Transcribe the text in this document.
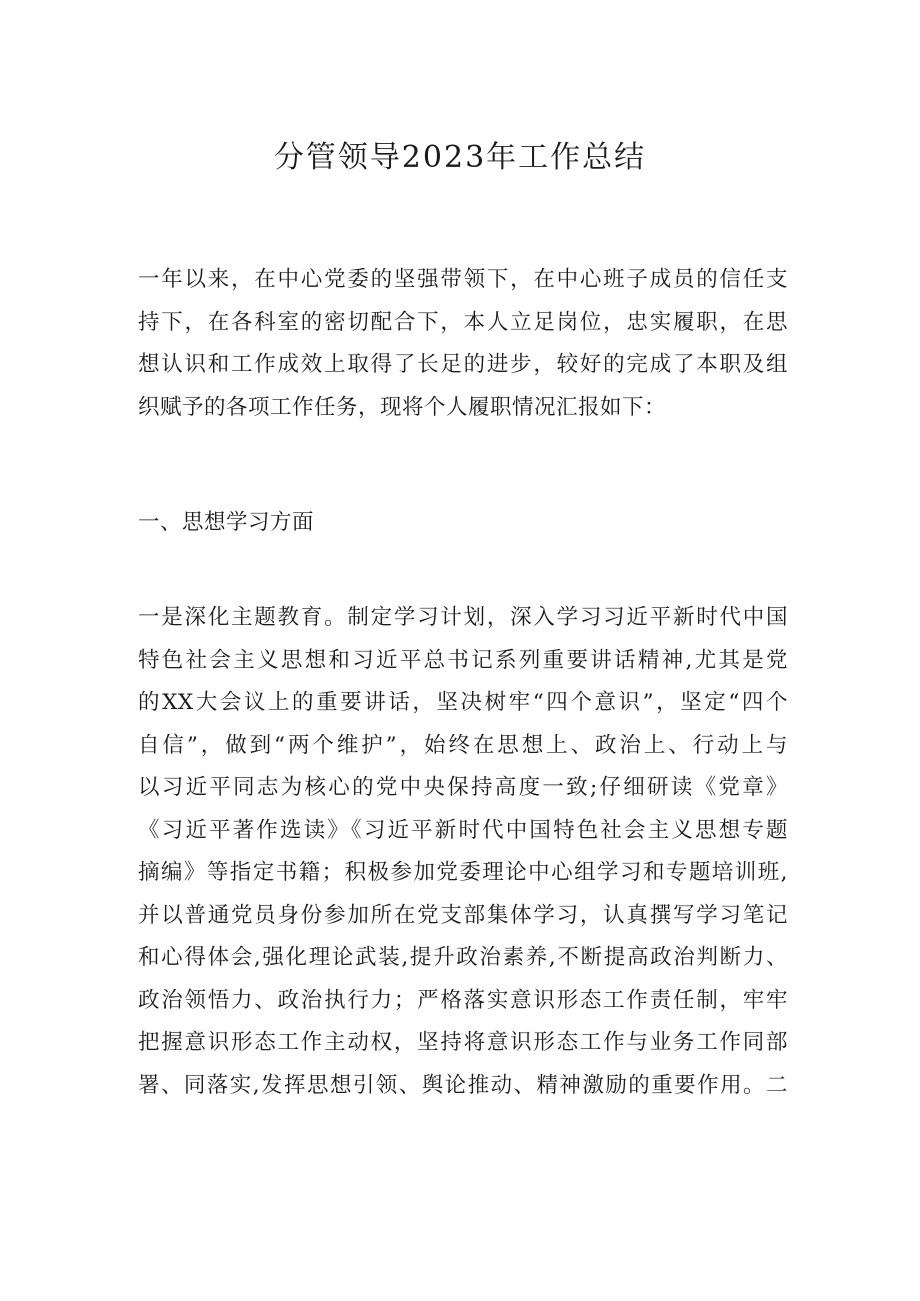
分管领导2023年工作总结

一年以来，在中心党委的坚强带领下，在中心班子成员的信任支
持下，在各科室的密切配合下，本人立足岗位，忠实履职，在思
想认识和工作成效上取得了长足的进步，较好的完成了本职及组
织赋予的各项工作任务，现将个人履职情况汇报如下：

一、思想学习方面

一是深化主题教育。制定学习计划，深入学习习近平新时代中国
特色社会主义思想和习近平总书记系列重要讲话精神,尤其是党
的XX大会议上的重要讲话，坚决树牢“四个意识”，坚定“四个
自信”，做到“两个维护”，始终在思想上、政治上、行动上与
以习近平同志为核心的党中央保持高度一致;仔细研读《党章》
《习近平著作选读》《习近平新时代中国特色社会主义思想专题
摘编》等指定书籍；积极参加党委理论中心组学习和专题培训班,
并以普通党员身份参加所在党支部集体学习，认真撰写学习笔记
和心得体会,强化理论武装,提升政治素养,不断提高政治判断力、
政治领悟力、政治执行力；严格落实意识形态工作责任制，牢牢
把握意识形态工作主动权，坚持将意识形态工作与业务工作同部
署、同落实,发挥思想引领、舆论推动、精神激励的重要作用。二
